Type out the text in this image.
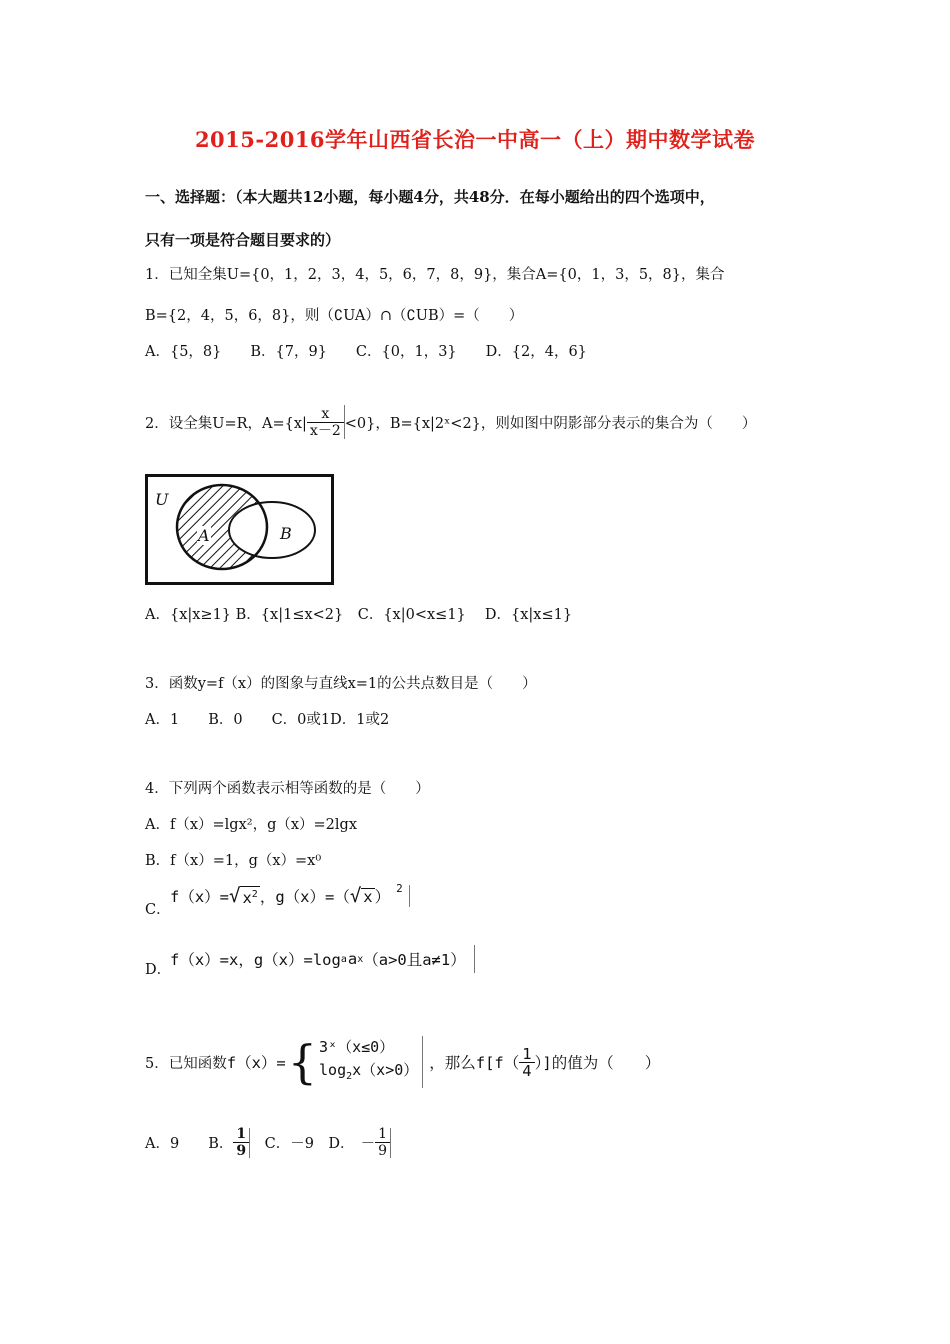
2015-2016学年山西省长治一中高一（上）期中数学试卷
一、选择题：（本大题共12小题，每小题4分，共48分．在每小题给出的四个选项中，
只有一项是符合题目要求的）
1．已知全集U={0，1，2，3，4，5，6，7，8，9}，集合A={0，1，3，5，8}，集合
B={2，4，5，6，8}，则（∁UA）∩（∁UB）=（　　）
A．{5，8}　　B．{7，9}　　C．{0，1，3}　　D．{2，4，6}
2．设全集U=R，$A=\{x| \frac{x}{x-2} <0\}$，B={x|2ˣ<2}，则如图中阴影部分表示的集合为（　　）
U
A	B
A．{x|x≥1} B．{x|1≤x<2}　C．{x|0<x≤1}　 D．{x|x≤1}
3．函数y=f（x）的图象与直线x=1的公共点数目是（　　）
A．1　　B．0　　C．0或1D．1或2
4．下列两个函数表示相等函数的是（　　）
A．f（x）=lgx²，g（x）=2lgx
B．f（x）=1，g（x）=x⁰
C．
f（x）= √ $x^2$ ，g（x）=（ √ x ） 2
D．
f（x）=x，g（x）=log a a x （a>0且a≠1）
5．已知函数 f（x）= { 3ˣ（x≤0）
$\log_2x(x>0)$ ，那么$f[f( \frac{1}{4}$ ）]的值为（　　）
A．9　　B． $\frac{1}{9}$ 　C．－9　D． － $\frac{1}{9}$
